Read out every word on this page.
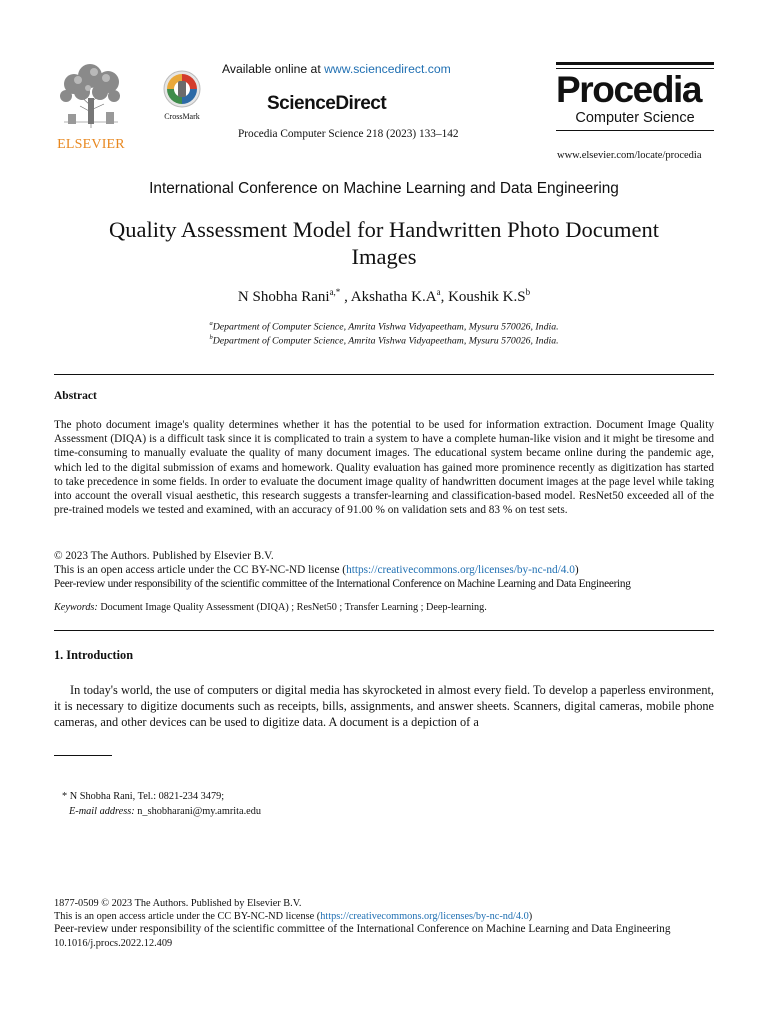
ELSEVIER
CrossMark
Available online at www.sciencedirect.com
ScienceDirect
Procedia Computer Science 218 (2023) 133–142
Procedia
Computer Science
www.elsevier.com/locate/procedia
International Conference on Machine Learning and Data Engineering
Quality Assessment Model for Handwritten Photo Document
Images
N Shobha Rani$^{a,*}$ , Akshatha $K.A^a$, Koushik $K.S^b$
$^a$Department of Computer Science, Amrita Vishwa Vidyapeetham, Mysuru 570026, India.
$^b$Department of Computer Science, Amrita Vishwa Vidyapeetham, Mysuru 570026, India.
Abstract
The photo document image's quality determines whether it has the potential to be used for information extraction. Document Image Quality Assessment (DIQA) is a difficult task since it is complicated to train a system to have a complete human-like vision and it might be tiresome and time-consuming to manually evaluate the quality of many document images. The educational system became online during the pandemic age, which led to the digital submission of exams and homework. Quality evaluation has gained more prominence recently as digitization has started to take precedence in some fields. In order to evaluate the document image quality of handwritten document images at the page level while taking into account the overall visual aesthetic, this research suggests a transfer-learning and classification-based model. ResNet50 exceeded all of the pre-trained models we tested and examined, with an accuracy of 91.00 % on validation sets and 83 % on test sets.
© 2023 The Authors. Published by Elsevier B.V.
This is an open access article under the CC BY-NC-ND license (https://creativecommons.org/licenses/by-nc-nd/4.0)
Peer-review under responsibility of the scientific committee of the International Conference on Machine Learning and Data Engineering
Keywords: Document Image Quality Assessment (DIQA) ; ResNet50 ; Transfer Learning ; Deep-learning.
1. Introduction
In today's world, the use of computers or digital media has skyrocketed in almost every field. To develop a paperless environment, it is necessary to digitize documents such as receipts, bills, assignments, and answer sheets. Scanners, digital cameras, mobile phone cameras, and other devices can be used to digitize data. A document is a depiction of a
* N Shobha Rani, Tel.: 0821-234 3479;
E-mail address: n_shobharani@my.amrita.edu
1877-0509 © 2023 The Authors. Published by Elsevier B.V.
This is an open access article under the CC BY-NC-ND license (https://creativecommons.org/licenses/by-nc-nd/4.0)
Peer-review under responsibility of the scientific committee of the International Conference on Machine Learning and Data Engineering
10.1016/j.procs.2022.12.409
